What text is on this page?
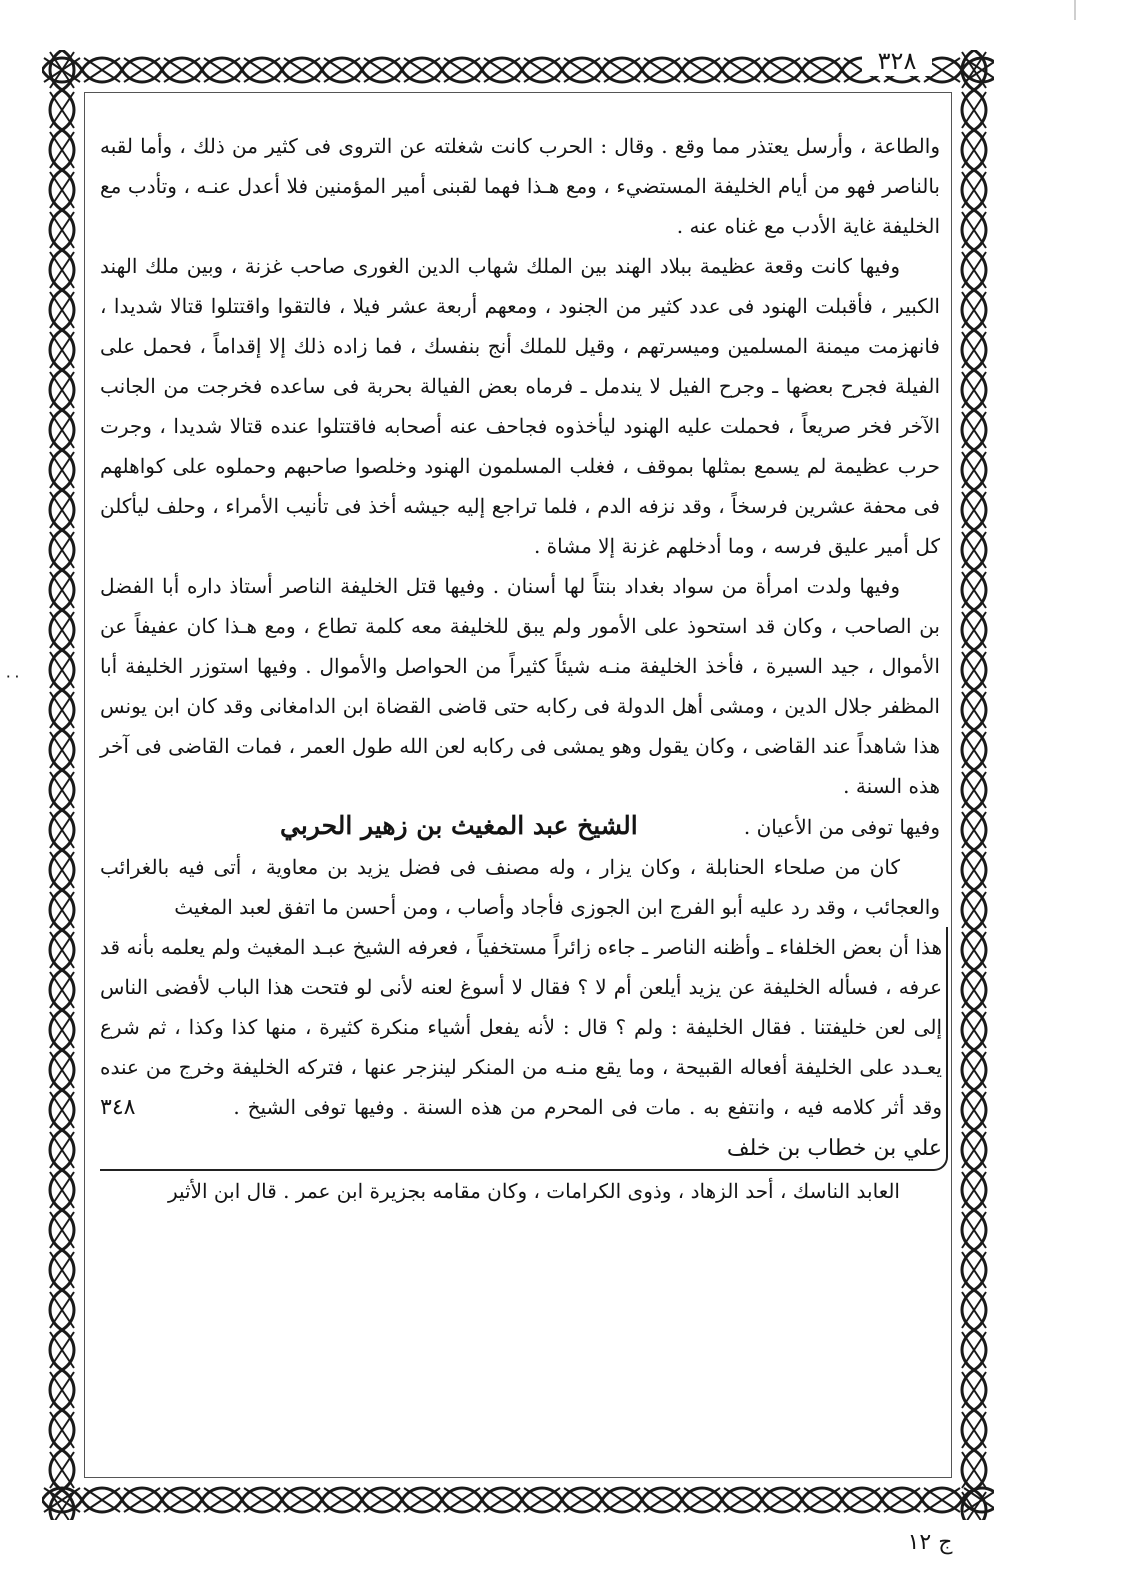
٠٠
٣٢٨

والطاعة ، وأرسل يعتذر مما وقع . وقال : الحرب كانت شغلته عن التروى فى كثير من ذلك ، وأما لقبه بالناصر فهو من أيام الخليفة المستضيء ، ومع هـذا فهما لقبنى أمير المؤمنين فلا أعدل عنـه ، وتأدب مع الخليفة غاية الأدب مع غناه عنه .

وفيها كانت وقعة عظيمة ببلاد الهند بين الملك شهاب الدين الغورى صاحب غزنة ، وبين ملك الهند الكبير ، فأقبلت الهنود فى عدد كثير من الجنود ، ومعهم أربعة عشر فيلا ، فالتقوا واقتتلوا قتالا شديدا ، فانهزمت ميمنة المسلمين وميسرتهم ، وقيل للملك أنج بنفسك ، فما زاده ذلك إلا إقداماً ، فحمل على الفيلة فجرح بعضها ـ وجرح الفيل لا يندمل ـ فرماه بعض الفيالة بحربة فى ساعده فخرجت من الجانب الآخر فخر صريعاً ، فحملت عليه الهنود ليأخذوه فجاحف عنه أصحابه فاقتتلوا عنده قتالا شديدا ، وجرت حرب عظيمة لم يسمع بمثلها بموقف ، فغلب المسلمون الهنود وخلصوا صاحبهم وحملوه على كواهلهم فى محفة عشرين فرسخاً ، وقد نزفه الدم ، فلما تراجع إليه جيشه أخذ فى تأنيب الأمراء ، وحلف ليأكلن كل أمير عليق فرسه ، وما أدخلهم غزنة إلا مشاة .

وفيها ولدت امرأة من سواد بغداد بنتاً لها أسنان . وفيها قتل الخليفة الناصر أستاذ داره أبا الفضل بن الصاحب ، وكان قد استحوذ على الأمور ولم يبق للخليفة معه كلمة تطاع ، ومع هـذا كان عفيفاً عن الأموال ، جيد السيرة ، فأخذ الخليفة منـه شيئاً كثيراً من الحواصل والأموال . وفيها استوزر الخليفة أبا المظفر جلال الدين ، ومشى أهل الدولة فى ركابه حتى قاضى القضاة ابن الدامغانى وقد كان ابن يونس هذا شاهداً عند القاضى ، وكان يقول وهو يمشى فى ركابه لعن الله طول العمر ، فمات القاضى فى آخر هذه السنة .

وفيها توفى من الأعيان .
الشيخ عبد المغيث بن زهير الحربي

كان من صلحاء الحنابلة ، وكان يزار ، وله مصنف فى فضل يزيد بن معاوية ، أتى فيه بالغرائب والعجائب ، وقد رد عليه أبو الفرج ابن الجوزى فأجاد وأصاب ، ومن أحسن ما اتفق لعبد المغيث

هذا أن بعض الخلفاء ـ وأظنه الناصر ـ جاءه زائراً مستخفياً ، فعرفه الشيخ عبـد المغيث ولم يعلمه بأنه قد عرفه ، فسأله الخليفة عن يزيد أيلعن أم لا ؟ فقال لا أسوغ لعنه لأنى لو فتحت هذا الباب لأفضى الناس إلى لعن خليفتنا . فقال الخليفة : ولم ؟ قال : لأنه يفعل أشياء منكرة كثيرة ، منها كذا وكذا ، ثم شرع يعـدد على الخليفة أفعاله القبيحة ، وما يقع منـه من المنكر لينزجر عنها ، فتركه الخليفة وخرج من عنده وقد أثر كلامه فيه ، وانتفع به . مات فى المحرم من هذه السنة . وفيها توفى الشيخ . ٣٤٨ علي بن خطاب بن خلف

العابد الناسك ، أحد الزهاد ، وذوى الكرامات ، وكان مقامه بجزيرة ابن عمر . قال ابن الأثير

ج ١٢
